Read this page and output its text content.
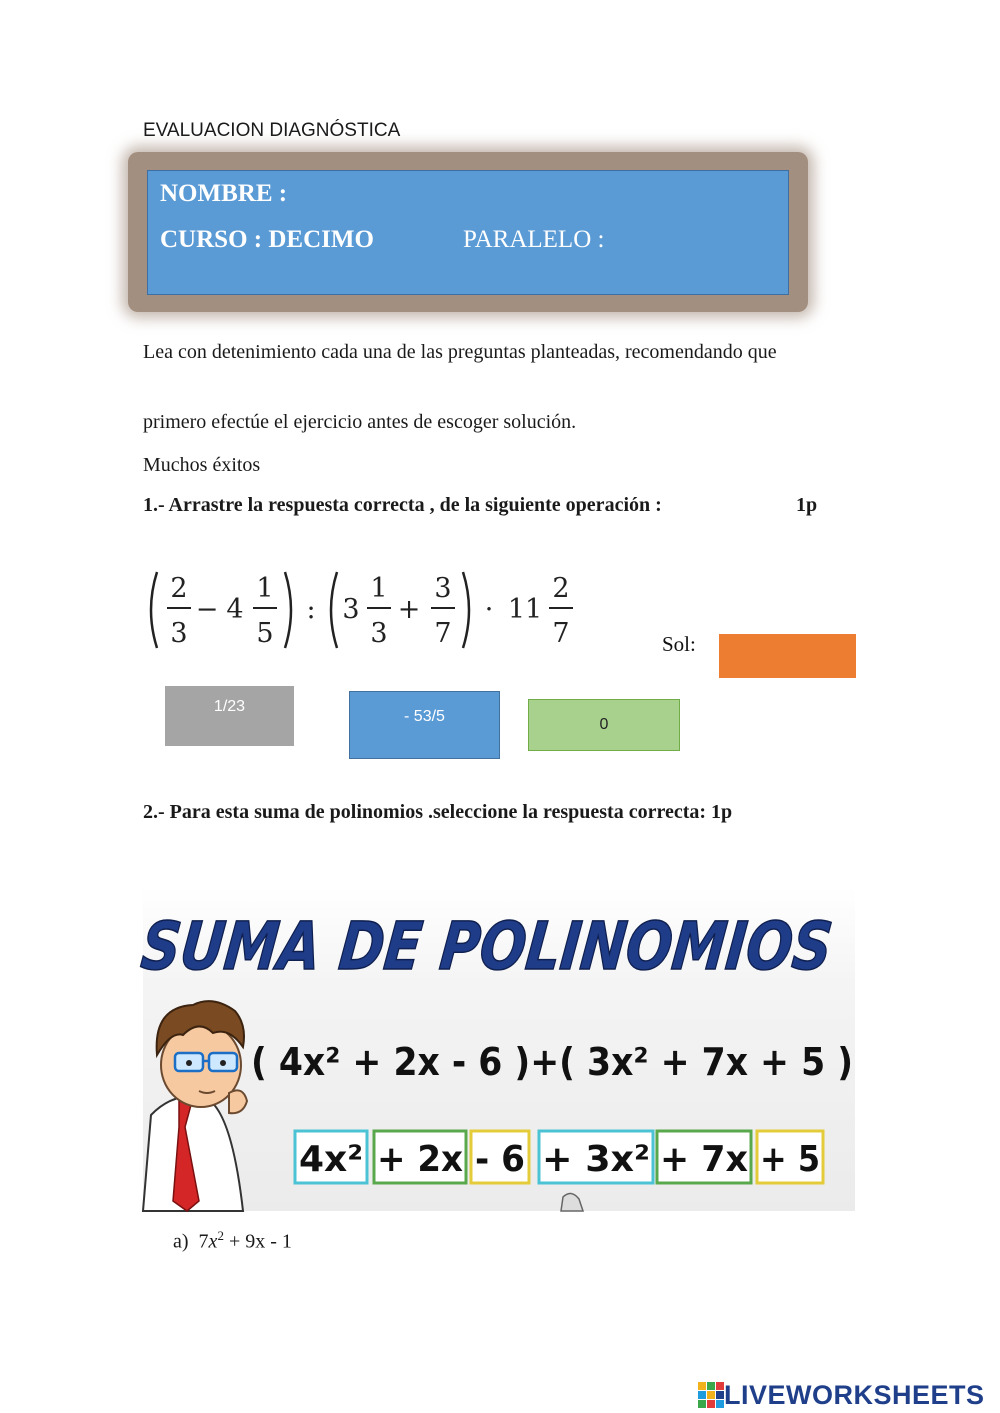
EVALUACION DIAGNÓSTICA
NOMBRE :
CURSO : DECIMO	PARALELO :
Lea con detenimiento cada una de las preguntas planteadas, recomendando que
primero efectúe el ejercicio antes de escoger solución.
Muchos éxitos
1.- Arrastre la respuesta correcta , de la siguiente operación :	1p
2
3
− 4
1
5
: 3
1
3
+
3
7
· 11
2
7	Sol:
1/23
- 53/5	0
2.- Para esta suma de polinomios .seleccione la respuesta correcta: 1p
SUMA DE POLINOMIOS
( 4x² + 2x - 6 )+( 3x² + 7x + 5 )
4x² + 2x - 6 + 3x² + 7x + 5
a) $7x^2 + 9x - 1$
LIVEWORKSHEETS
